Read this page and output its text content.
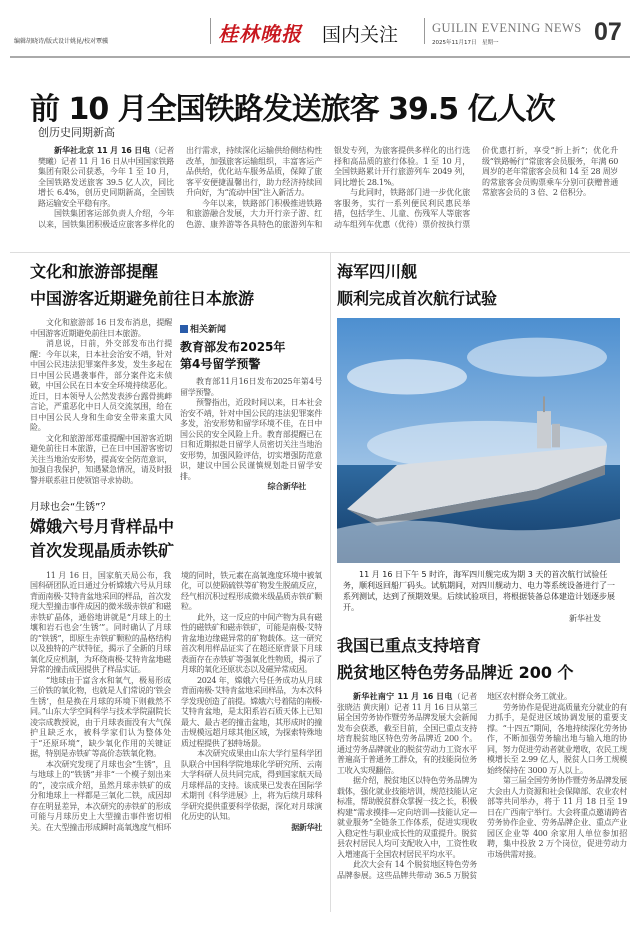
编辑胡晓诗/版式设计姚昆/校对覃骥	桂林晚报 国内关注	GUILIN EVENING NEWS
2025年11月17日　星期一	07
前 10 月全国铁路发送旅客 39.5 亿人次
创历史同期新高

新华社北京 11 月 16 日电（记者 樊曦）记者 11 月 16 日从中国国家铁路集团有限公司获悉，今年 1 至 10 月，全国铁路发送旅客 39.5 亿人次，同比增长 6.4%，创历史同期新高，全国铁路运输安全平稳有序。

国铁集团客运部负责人介绍，今年以来，国铁集团积极适应旅客多样化的出行需求，持续深化运输供给侧结构性改革，加强旅客运输组织，丰富客运产品供给，优化站车服务品质，保障了旅客平安便捷温馨出行，助力经济持续回升向好，为“流动中国”注入新活力。

今年以来，铁路部门积极推进铁路和旅游融合发展，大力开行亲子游、红色游、康养游等各具特色的旅游列车和银发专列，为旅客提供多样化的出行选择和高品质的旅行体验。1 至 10 月，全国铁路累计开行旅游列车 2049 列，同比增长 28.1%。

与此同时，铁路部门进一步优化旅客服务，实行一系列便民利民惠民举措，包括学生、儿童、伤残军人等旅客动车组列车优惠（优待）票价按执行票价优惠打折，享受“折上折”；优化升级“铁路畅行”常旅客会员服务，年满 60 周岁的老年常旅客会员和 14 至 28 周岁的常旅客会员购票乘车分别可获赠普通常旅客会员的 3 倍、2 倍积分。

文化和旅游部提醒
中国游客近期避免前往日本旅游

文化和旅游部 16 日发布消息，提醒中国游客近期避免前往日本旅游。

消息说，日前，外交部发布出行提醒：今年以来，日本社会治安不靖，针对中国公民违法犯罪案件多发，发生多起在日中国公民遇袭事件，部分案件迄未侦破，中国公民在日本安全环境持续恶化。近日，日本领导人公然发表涉台露骨挑衅言论，严重恶化中日人员交流氛围，给在日中国公民人身和生命安全带来重大风险。

文化和旅游部郑重提醒中国游客近期避免前往日本旅游，已在日中国游客密切关注当地治安形势，提高安全防范意识，加强自我保护，知遇紧急情况，请及时报警并联系驻日使领馆寻求协助。

相关新闻
教育部发布2025年
第4号留学预警

教育部11月16日发布2025年第4号留学预警。

预警指出，近段时间以来，日本社会治安不靖，针对中国公民的违法犯罪案件多发，治安形势和留学环境不佳，在日中国公民的安全风险上升。教育部提醒已在日和近期拟赴日留学人员密切关注当地治安形势，加强风险评估，切实增强防范意识，建议中国公民谨慎规划赴日留学安排。

综合新华社

月球也会“生锈”？
嫦娥六号月背样品中
首次发现晶质赤铁矿

11 月 16 日，国家航天局公布，我国科研团队近日通过分析嫦娥六号从月球背面南极-艾特肯盆地采回的样品，首次发现大型撞击事件成因的微米级赤铁矿和磁赤铁矿晶体，通俗地讲就是“月球上的土壤和岩石也会‘生锈’”。同时确认了月球的“铁锈”，即原生赤铁矿颗粒的晶格结构以及独特的产状特征，揭示了全新的月球氧化反应机制，为环绕南极-艾特肯盆地磁异常的撞击成因提供了样品实证。

“地球由于富含水和氧气，极易形成三价铁的氧化物，也就是人们常说的‘铁会生锈’，但是换在月球的环境下则截然不同。”山东大学空间科学与技术学院副院长凌宗成教授说，由于月球表面没有大气保护且缺乏水，被科学家们认为整体处于“还原环境”，缺少氧化作用的关键证据，特别是赤铁矿等高价态铁氧化物。

本次研究发现了月球也会“生锈”，且与地球上的“铁锈”并非“一个模子刻出来的”，凌宗成介绍，虽然月球赤铁矿的成分和地球上一样都是三氧化二铁，成因却存在明显差异，本次研究的赤铁矿的形成可能与月球历史上大型撞击事件密切相关。在大型撞击形成瞬时高氧逸度气相环境的同时，铁元素在高氧逸度环境中被氧化，可以使陨硫铁等矿物发生脱硫反应，经气相沉积过程形成微米级晶质赤铁矿颗粒。

此外，这一反应的中间产物为具有磁性的磁铁矿和磁赤铁矿，可能是南极-艾特肯盆地边缘磁异常的矿物载体。这一研究首次利用样品证实了在超还原背景下月球表面存在赤铁矿等强氧化性物质，揭示了月球的氧化还原状态以及磁异常成因。

2024 年，嫦娥六号任务成功从月球背面南极-艾特肯盆地采回样品，为本次科学发现创造了前提。嫦娥六号着陆的南极-艾特肯盆地，是太阳系岩石质天体上已知最大、最古老的撞击盆地，其形成时的撞击规模远超月球其他区域，为探索特殊地质过程提供了独特场景。

本次研究成果由山东大学行星科学团队联合中国科学院地球化学研究所、云南大学科研人员共同完成，得到国家航天局月球样品的支持。该成果已发表在国际学术期刊《科学进展》上，将为后续月球科学研究提供重要科学依据，深化对月球演化历史的认知。

据新华社

海军四川舰
顺利完成首次航行试验

11 月 16 日下午 5 时许，海军四川舰完成为期 3 天的首次航行试验任务，顺利返回船厂码头。试航期间，对四川舰动力、电力等系统设备进行了一系列测试，达到了预期效果。后续试验项目，将根据装备总体建造计划逐步展开。

新华社发

我国已重点支持培育
脱贫地区特色劳务品牌近 200 个

新华社南宁 11 月 16 日电（记者 张晓洁 黄庆刚）记者 11 月 16 日从第三届全国劳务协作暨劳务品牌发展大会新闻发布会获悉，截至目前，全国已重点支持培育脱贫地区特色劳务品牌近 200 个。通过劳务品牌就业的脱贫劳动力工资水平普遍高于普通务工群众，有的技能岗位务工收入实现翻倍。

据介绍，脱贫地区以特色劳务品牌为载体，强化就业技能培训，规范技能认定标准，帮助脱贫群众掌握一技之长，积极构建“需求摸排—定向培训—技能认定—就业服务”全链条工作体系，促进实现收入稳定性与职业成长性的双重提升。脱贫县农村居民人均可支配收入中，工资性收入增速高于全国农村居民平均水平。

此次大会有 14 个脱贫地区特色劳务品牌参展。这些品牌共带动 36.5 万脱贫地区农村群众务工就业。

劳务协作是促进高质量充分就业的有力抓手，是促进区域协调发展的重要支撑。“十四五”期间，各地持续深化劳务协作，不断加强劳务输出地与输入地的协同，努力促进劳动者就业增收，农民工规模增长至 2.99 亿人，脱贫人口务工规模始终保持在 3000 万人以上。

第三届全国劳务协作暨劳务品牌发展大会由人力资源和社会保障部、农业农村部等共同举办，将于 11 月 18 日至 19 日在广西南宁举行。大会将重点邀请跨省劳务协作企业、劳务品牌企业、重点产业园区企业等 400 余家用人单位参加招聘，集中投放 2 万个岗位，促进劳动力市场供需对接。
